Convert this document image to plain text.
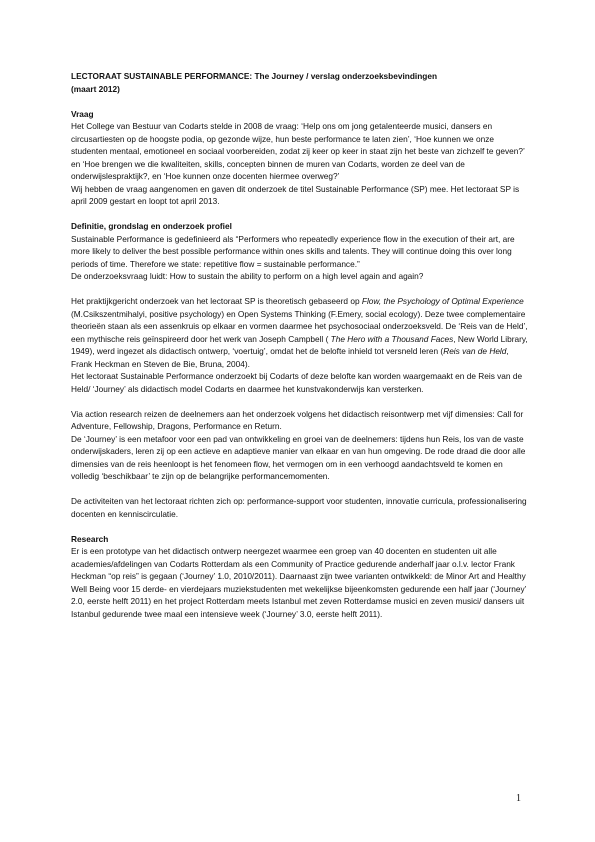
LECTORAAT SUSTAINABLE PERFORMANCE: The Journey / verslag onderzoeksbevindingen
(maart 2012)

Vraag

Het College van Bestuur van Codarts stelde in 2008 de vraag: ‘Help ons om jong getalenteerde musici, dansers en circusartiesten op de hoogste podia, op gezonde wijze, hun beste performance te laten zien’, ‘Hoe kunnen we onze studenten mentaal, emotioneel en sociaal voorbereiden, zodat zij keer op keer in staat zijn het beste van zichzelf te geven?’ en ‘Hoe brengen we die kwaliteiten, skills, concepten binnen de muren van Codarts, worden ze deel van de onderwijslespraktijk?, en ‘Hoe kunnen onze docenten hiermee overweg?’

Wij hebben de vraag aangenomen en gaven dit onderzoek de titel Sustainable Performance (SP) mee. Het lectoraat SP is april 2009 gestart en loopt tot april 2013.

Definitie, grondslag en onderzoek profiel

Sustainable Performance is gedefinieerd als “Performers who repeatedly experience flow in the execution of their art, are more likely to deliver the best possible performance within ones skills and talents. They will continue doing this over long periods of time. Therefore we state: repetitive flow = sustainable performance.”

De onderzoeksvraag luidt: How to sustain the ability to perform on a high level again and again?

Het praktijkgericht onderzoek van het lectoraat SP is theoretisch gebaseerd op Flow, the Psychology of Optimal Experience (M.Csikszentmihalyi, positive psychology) en Open Systems Thinking (F.Emery, social ecology). Deze twee complementaire theorieën staan als een assenkruis op elkaar en vormen daarmee het psychosociaal onderzoeksveld. De ‘Reis van de Held’, een mythische reis geïnspireerd door het werk van Joseph Campbell ( The Hero with a Thousand Faces, New World Library, 1949), werd ingezet als didactisch ontwerp, ‘voertuig’, omdat het de belofte inhield tot versneld leren (Reis van de Held, Frank Heckman en Steven de Bie, Bruna, 2004).

Het lectoraat Sustainable Performance onderzoekt bij Codarts of deze belofte kan worden waargemaakt en de Reis van de Held/ ‘Journey’ als didactisch model Codarts en daarmee het kunstvakonderwijs kan versterken.

Via action research reizen de deelnemers aan het onderzoek volgens het didactisch reisontwerp met vijf dimensies: Call for Adventure, Fellowship, Dragons, Performance en Return.

De ‘Journey’ is een metafoor voor een pad van ontwikkeling en groei van de deelnemers: tijdens hun Reis, los van de vaste onderwijskaders, leren zij op een actieve en adaptieve manier van elkaar en van hun omgeving. De rode draad die door alle dimensies van de reis heenloopt is het fenomeen flow, het vermogen om in een verhoogd aandachtsveld te komen en volledig ‘beschikbaar’ te zijn op de belangrijke performancemomenten.

De activiteiten van het lectoraat richten zich op: performance-support voor studenten, innovatie curricula, professionalisering docenten en kenniscirculatie.

Research

Er is een prototype van het didactisch ontwerp neergezet waarmee een groep van 40 docenten en studenten uit alle academies/afdelingen van Codarts Rotterdam als een Community of Practice gedurende anderhalf jaar o.l.v. lector Frank Heckman “op reis” is gegaan (‘Journey’ 1.0, 2010/2011). Daarnaast zijn twee varianten ontwikkeld: de Minor Art and Healthy Well Being voor 15 derde- en vierdejaars muziekstudenten met wekelijkse bijeenkomsten gedurende een half jaar (‘Journey’ 2.0, eerste helft 2011) en het project Rotterdam meets Istanbul met zeven Rotterdamse musici en zeven musici/ dansers uit Istanbul gedurende twee maal een intensieve week (‘Journey’ 3.0, eerste helft 2011).

1
